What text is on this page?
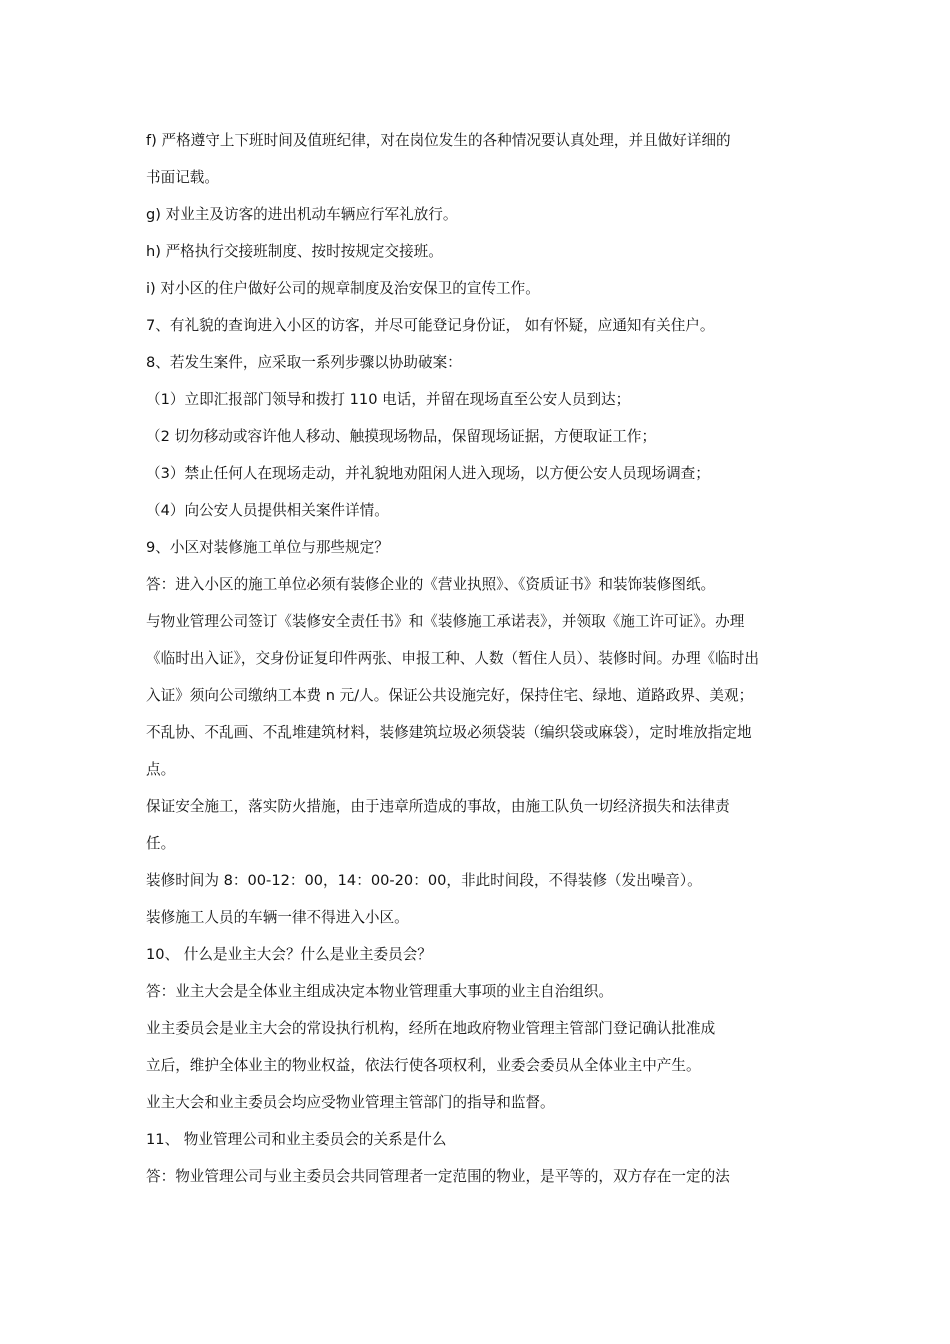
f) 严格遵守上下班时间及值班纪律，对在岗位发生的各种情况要认真处理，并且做好详细的

书面记载。

g) 对业主及访客的进出机动车辆应行军礼放行。

h) 严格执行交接班制度、按时按规定交接班。

i) 对小区的住户做好公司的规章制度及治安保卫的宣传工作。

7、有礼貌的查询进入小区的访客，并尽可能登记身份证， 如有怀疑，应通知有关住户。

8、若发生案件，应采取一系列步骤以协助破案：

（1）立即汇报部门领导和拨打 110 电话，并留在现场直至公安人员到达；

（2 切勿移动或容许他人移动、触摸现场物品，保留现场证据，方便取证工作；

（3）禁止任何人在现场走动，并礼貌地劝阻闲人进入现场，以方便公安人员现场调查；

（4）向公安人员提供相关案件详情。

9、小区对装修施工单位与那些规定？

答：进入小区的施工单位必须有装修企业的《营业执照》、《资质证书》和装饰装修图纸。

与物业管理公司签订《装修安全责任书》和《装修施工承诺表》，并领取《施工许可证》。办理

《临时出入证》，交身份证复印件两张、申报工种、人数（暂住人员）、装修时间。办理《临时出

入证》须向公司缴纳工本费 n 元/人。保证公共设施完好，保持住宅、绿地、道路政界、美观；

不乱协、不乱画、不乱堆建筑材料，装修建筑垃圾必须袋装（编织袋或麻袋），定时堆放指定地

点。

保证安全施工，落实防火措施，由于违章所造成的事故，由施工队负一切经济损失和法律责

任。

装修时间为 8：00-12：00，14：00-20：00，非此时间段，不得装修（发出噪音）。

装修施工人员的车辆一律不得进入小区。

10、 什么是业主大会？什么是业主委员会？

答：业主大会是全体业主组成决定本物业管理重大事项的业主自治组织。

业主委员会是业主大会的常设执行机构，经所在地政府物业管理主管部门登记确认批准成

立后，维护全体业主的物业权益，依法行使各项权利，业委会委员从全体业主中产生。

业主大会和业主委员会均应受物业管理主管部门的指导和监督。

11、 物业管理公司和业主委员会的关系是什么

答：物业管理公司与业主委员会共同管理者一定范围的物业，是平等的，双方存在一定的法
